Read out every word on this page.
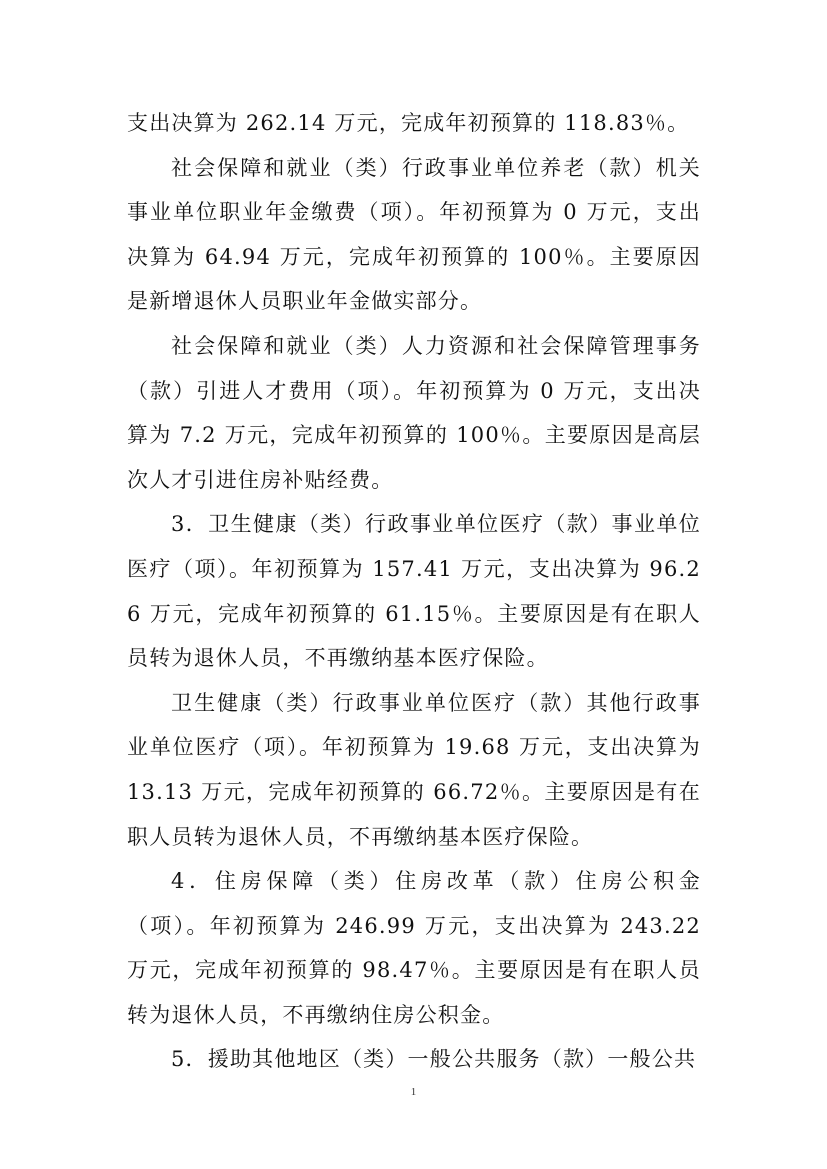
支出决算为 262.14 万元，完成年初预算的 118.83％。

社会保障和就业（类）行政事业单位养老（款）机关事业单位职业年金缴费（项）。年初预算为 0 万元，支出决算为 64.94 万元，完成年初预算的 100％。主要原因是新增退休人员职业年金做实部分。

社会保障和就业（类）人力资源和社会保障管理事务（款）引进人才费用（项）。年初预算为 0 万元，支出决算为 7.2 万元，完成年初预算的 100％。主要原因是高层次人才引进住房补贴经费。

3．卫生健康（类）行政事业单位医疗（款）事业单位医疗（项）。年初预算为 157.41 万元，支出决算为 96.26 万元，完成年初预算的 61.15％。主要原因是有在职人员转为退休人员，不再缴纳基本医疗保险。

卫生健康（类）行政事业单位医疗（款）其他行政事业单位医疗（项）。年初预算为 19.68 万元，支出决算为 13.13 万元，完成年初预算的 66.72％。主要原因是有在职人员转为退休人员，不再缴纳基本医疗保险。

4．住房保障（类）住房改革（款）住房公积金（项）。年初预算为 246.99 万元，支出决算为 243.22 万元，完成年初预算的 98.47％。主要原因是有在职人员转为退休人员，不再缴纳住房公积金。

5．援助其他地区（类）一般公共服务（款）一般公共

1
